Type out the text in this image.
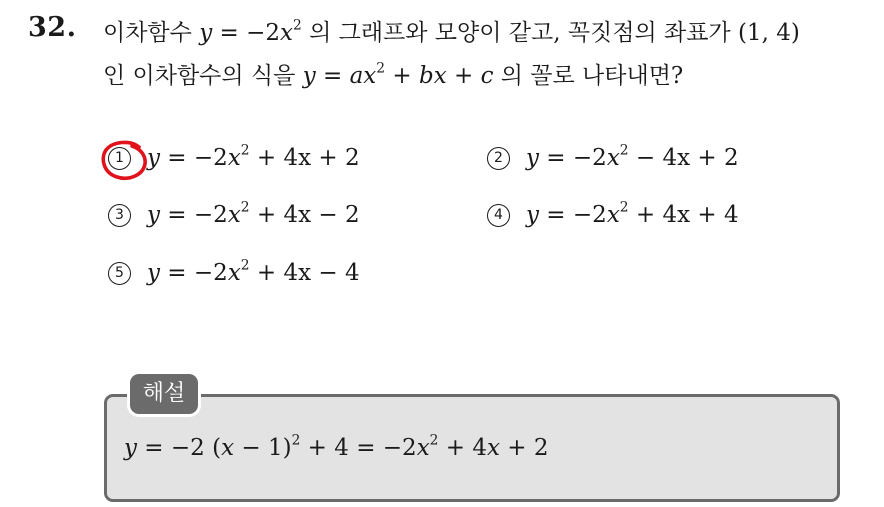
32. 이차함수 $y = -2x^2$ 의 그래프와 모양이 같고, 꼭짓점의 좌표가 (1, 4)
인 이차함수의 식을 $y = ax^2$ + bx + c 의 꼴로 나타내면?
1	$y = -2x^2 + 4x + 2$	2	$y = -2x^2 - 4x + 2$
3	$y = -2x^2 + 4x - 2$	4	$y = -2x^2 + 4x + 4$
5	$y = -2x^2 + 4x - 4$
해설
y = −2 $(x - 1)^2 + 4 = -2x^2 + 4x + 2$
